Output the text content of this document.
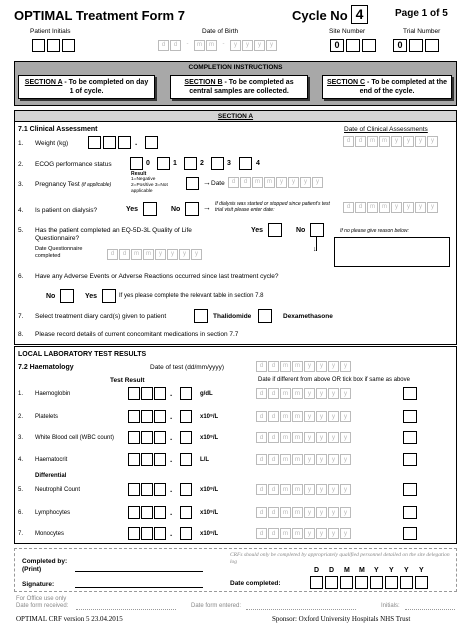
OPTIMAL Treatment Form 7	Cycle No 4	Page 1 of 5
Patient Initials	Date of Birth	Site Number	Trial Number
d	d	-	m	m	-	y	y	y	y	0	0
COMPLETION INSTRUCTIONS
SECTION A - To be completed on day 1 of cycle.
SECTION B - To be completed as central samples are collected.
SECTION C - To be completed at the end of the cycle.
SECTION A
7.1 Clinical Assessment	Date of Clinical Assessments
d	d	m	m	y	y	y	y
1. Weight (kg)	.
2. ECOG performance status	0	1	2	3	4
3. Pregnancy Test (if applicable)
Result
1=Negative 2=Pos/tive 3=Not applicable
→ Date	d	d	m	m	y	y	y	y
4. Is patient on dialysis?	Yes	No	→ If dialysis was started or stopped since patient's test trial visit please enter date:	d	d	m	m	y	y	y	y
5. Has the patient completed an EQ-5D-3L Quality of Life Questionnaire?
Yes	No
↓
If no please give reason below:
Date Questionnaire completed	d	d	m	m	y	y	y	y
6. Have any Adverse Events or Adverse Reactions occurred since last treatment cycle?
No	Yes	If yes please complete the relevant table in section 7.8
7. Select treatment diary card(s) given to patient	Thalidomide	Dexamethasone
8. Please record details of current concomitant medications in section 7.7
LOCAL LABORATORY TEST RESULTS
7.2 Haematology	Date of test (dd/mm/yyyy)	d	d	m	m	y	y	y	y
Test Result	Date if different from above OR tick box if same as above
1. Haemoglobin	.	g/dL	d	d	m	m	y	y	y	y
2. Platelets	.	x10⁹/L	d	d	m	m	y	y	y	y
3. White Blood cell (WBC count)	.	x10⁹/L	d	d	m	m	y	y	y	y
4. Haematocrit	.	L/L	d	d	m	m	y	y	y	y
Differential
5. Neutrophil Count	.	x10⁹/L	d	d	m	m	y	y	y	y
6. Lymphocytes	.	x10⁹/L	d	d	m	m	y	y	y	y
7. Monocytes	.	x10⁹/L	d	d	m	m	y	y	y	y
Completed by:
(Print)
Signature:
CRFs should only be completed by appropriately qualified personnel detailed on the site delegation log
Date completed:
D D M M Y Y Y Y
For Office use only
Date form received:	Date form entered:	Initials:
OPTIMAL CRF version 5 23.04.2015	Sponsor: Oxford University Hospitals NHS Trust
